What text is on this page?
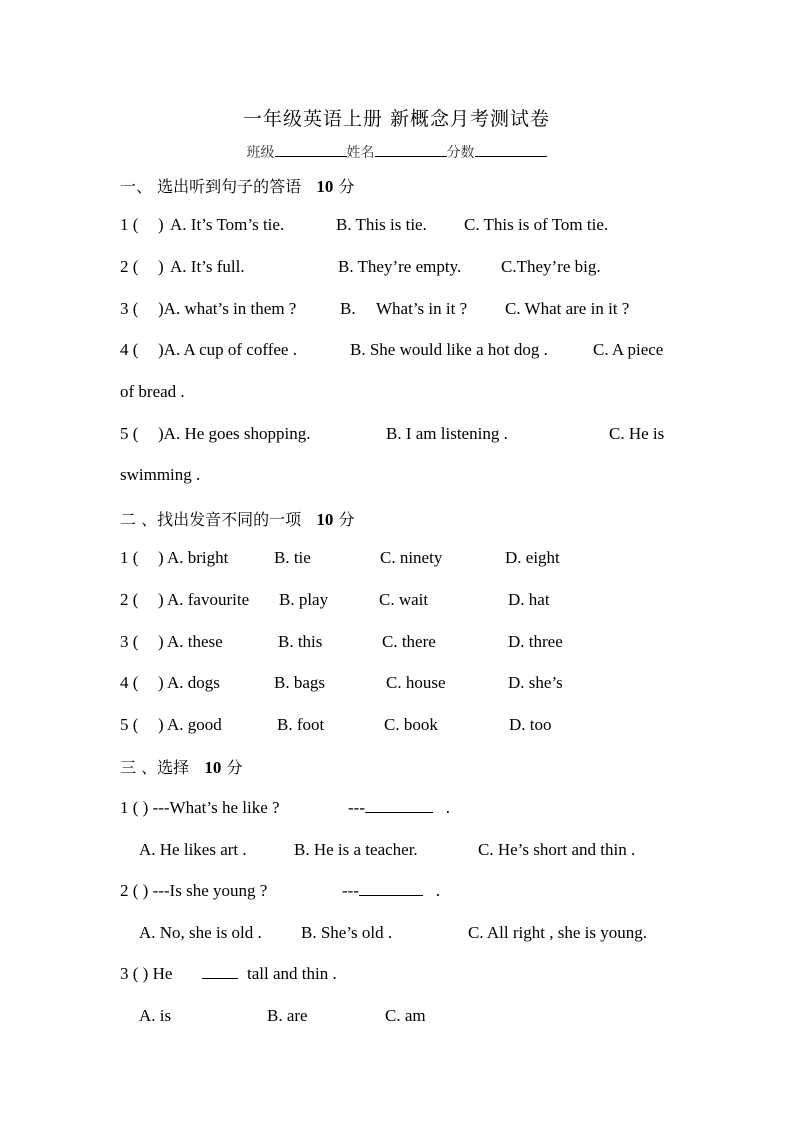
一年级英语上册 新概念月考测试卷
班级	姓名	分数
一、 选出听到句子的答语 10 分
1 ( ) A. It’s Tom’s tie.	B. This is tie. C. This is of Tom tie.
2 ( ) A. It’s full.	B. They’re empty. C.They’re big.
3 ( )A. what’s in them ?	B. What’s in it ? C. What are in it ?
4 ( )A. A cup of coffee .	B. She would like a hot dog .	C. A piece
of bread .
5 ( )A. He goes shopping.	B. I am listening .	C. He is
swimming .
二 、找出发音不同的一项 10 分
1 ( ) A. bright	B. tie	C. ninety	D. eight
2 ( ) A. favourite B. play	C. wait	D. hat
3 ( ) A. these	B. this	C. there	D. three
4 ( ) A. dogs	B. bags	C. house	D. she’s
5 ( ) A. good	B. foot	C. book	D. too
三 、选择 10 分
1 ( ) ---What’s he like ?	---	.
A. He likes art .	B. He is a teacher.	C. He’s short and thin .
2 ( ) ---Is she young ?	---	.
A. No, she is old . B. She’s old .	C. All right , she is young.
3 ( ) He	tall and thin .
A. is	B. are	C. am
